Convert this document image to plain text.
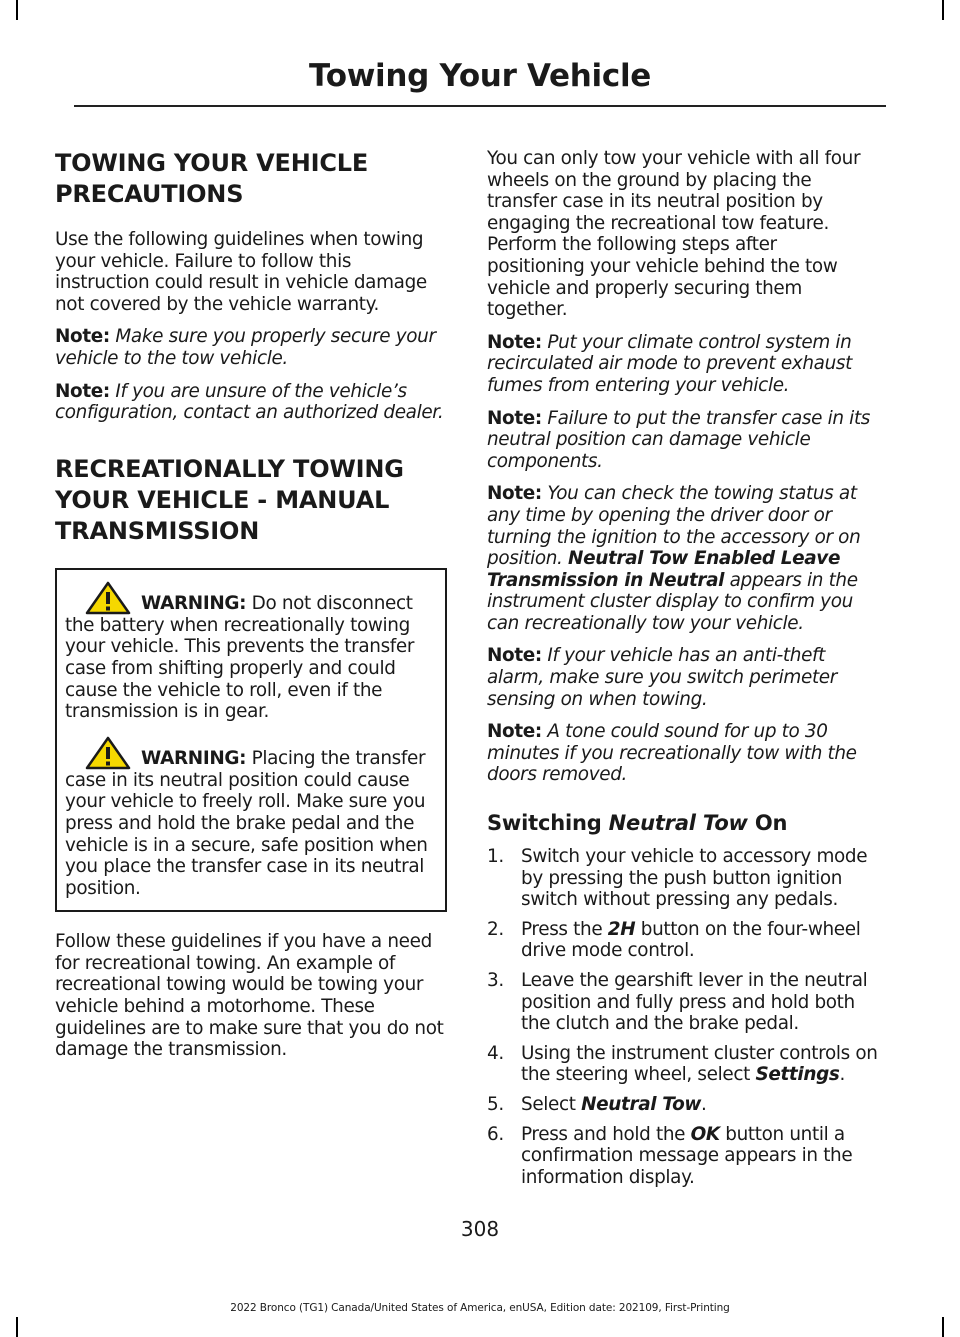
Towing Your Vehicle
TOWING YOUR VEHICLE
PRECAUTIONS

Use the following guidelines when towing your vehicle. Failure to follow this instruction could result in vehicle damage not covered by the vehicle warranty.

Note: Make sure you properly secure your vehicle to the tow vehicle.

Note: If you are unsure of the vehicle’s configuration, contact an authorized dealer.

RECREATIONALLY TOWING
YOUR VEHICLE - MANUAL
TRANSMISSION

WARNING: Do not disconnect the battery when recreationally towing your vehicle. This prevents the transfer case from shifting properly and could cause the vehicle to roll, even if the transmission is in gear.

WARNING: Placing the transfer case in its neutral position could cause your vehicle to freely roll. Make sure you press and hold the brake pedal and the vehicle is in a secure, safe position when you place the transfer case in its neutral position.

Follow these guidelines if you have a need for recreational towing. An example of recreational towing would be towing your vehicle behind a motorhome. These guidelines are to make sure that you do not damage the transmission.

You can only tow your vehicle with all four wheels on the ground by placing the transfer case in its neutral position by engaging the recreational tow feature. Perform the following steps after positioning your vehicle behind the tow vehicle and properly securing them together.

Note: Put your climate control system in recirculated air mode to prevent exhaust fumes from entering your vehicle.

Note: Failure to put the transfer case in its neutral position can damage vehicle components.

Note: You can check the towing status at any time by opening the driver door or turning the ignition to the accessory or on position. Neutral Tow Enabled Leave Transmission in Neutral appears in the instrument cluster display to confirm you can recreationally tow your vehicle.

Note: If your vehicle has an anti-theft alarm, make sure you switch perimeter sensing on when towing.

Note: A tone could sound for up to 30 minutes if you recreationally tow with the doors removed.

Switching Neutral Tow On
1. Switch your vehicle to accessory mode by pressing the push button ignition switch without pressing any pedals.
2. Press the 2H button on the four-wheel drive mode control.
3. Leave the gearshift lever in the neutral position and fully press and hold both the clutch and the brake pedal.
4. Using the instrument cluster controls on the steering wheel, select Settings.
5. Select Neutral Tow.
6. Press and hold the OK button until a confirmation message appears in the information display.
308
2022 Bronco (TG1) Canada/United States of America, enUSA, Edition date: 202109, First-Printing
